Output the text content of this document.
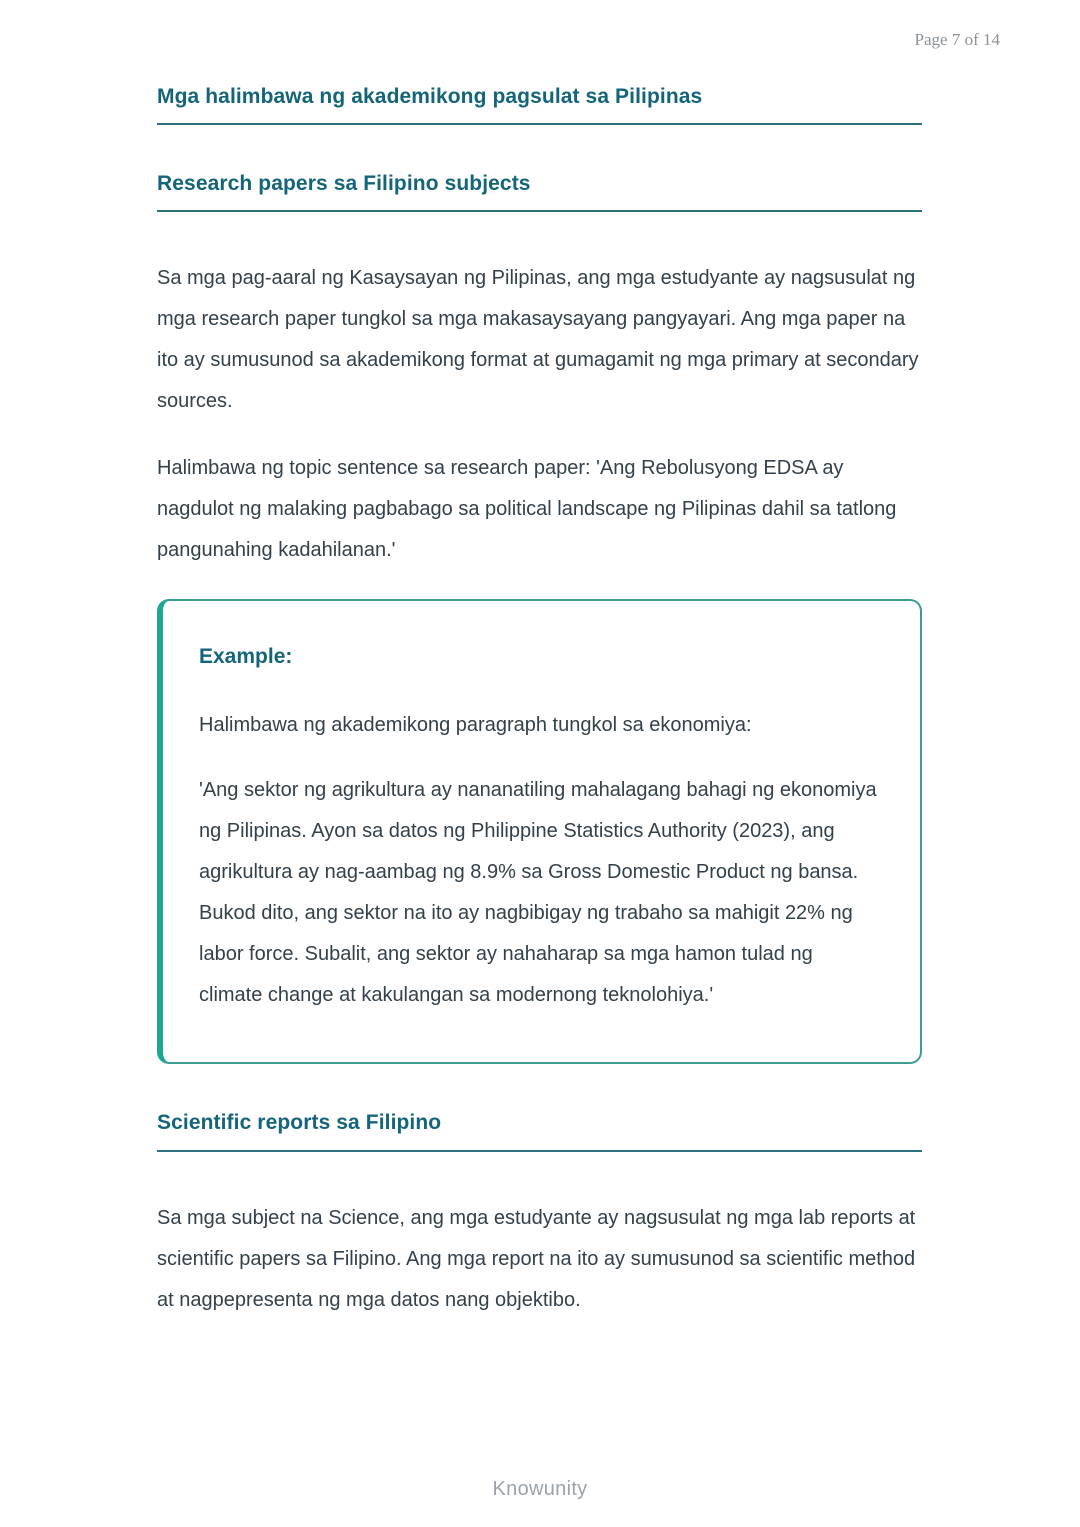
Page 7 of 14
Mga halimbawa ng akademikong pagsulat sa Pilipinas
Research papers sa Filipino subjects

Sa mga pag-aaral ng Kasaysayan ng Pilipinas, ang mga estudyante ay nagsusulat ng mga research paper tungkol sa mga makasaysayang pangyayari. Ang mga paper na ito ay sumusunod sa akademikong format at gumagamit ng mga primary at secondary sources.

Halimbawa ng topic sentence sa research paper: 'Ang Rebolusyong EDSA ay nagdulot ng malaking pagbabago sa political landscape ng Pilipinas dahil sa tatlong pangunahing kadahilanan.'

Example:

Halimbawa ng akademikong paragraph tungkol sa ekonomiya:

'Ang sektor ng agrikultura ay nananatiling mahalagang bahagi ng ekonomiya ng Pilipinas. Ayon sa datos ng Philippine Statistics Authority (2023), ang agrikultura ay nag-aambag ng 8.9% sa Gross Domestic Product ng bansa. Bukod dito, ang sektor na ito ay nagbibigay ng trabaho sa mahigit 22% ng labor force. Subalit, ang sektor ay nahaharap sa mga hamon tulad ng climate change at kakulangan sa modernong teknolohiya.'

Scientific reports sa Filipino

Sa mga subject na Science, ang mga estudyante ay nagsusulat ng mga lab reports at scientific papers sa Filipino. Ang mga report na ito ay sumusunod sa scientific method at nagpepresenta ng mga datos nang objektibo.

Knowunity
